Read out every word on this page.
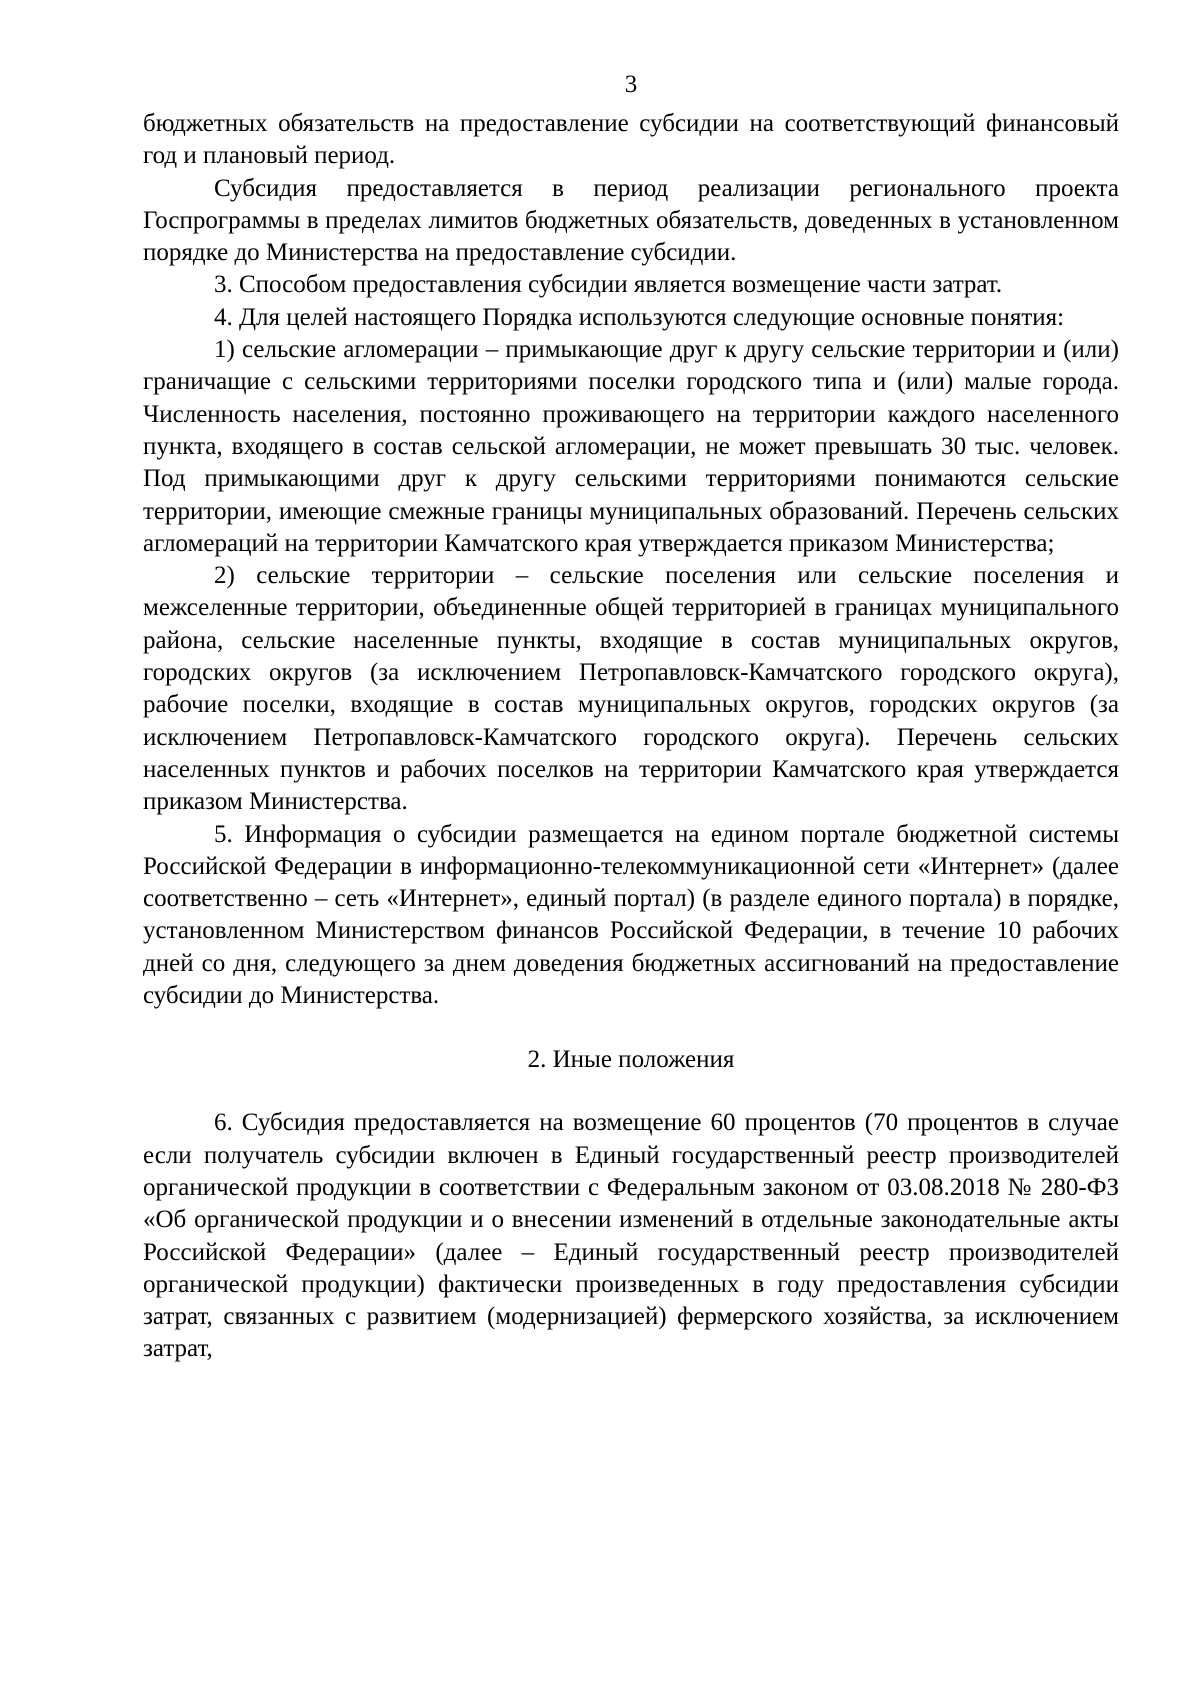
3

бюджетных обязательств на предоставление субсидии на соответствующий финансовый год и плановый период.

Субсидия предоставляется в период реализации регионального проекта Госпрограммы в пределах лимитов бюджетных обязательств, доведенных в установленном порядке до Министерства на предоставление субсидии.

3. Способом предоставления субсидии является возмещение части затрат.

4. Для целей настоящего Порядка используются следующие основные понятия:

1) сельские агломерации – примыкающие друг к другу сельские территории и (или) граничащие с сельскими территориями поселки городского типа и (или) малые города. Численность населения, постоянно проживающего на территории каждого населенного пункта, входящего в состав сельской агломерации, не может превышать 30 тыс. человек. Под примыкающими друг к другу сельскими территориями понимаются сельские территории, имеющие смежные границы муниципальных образований. Перечень сельских агломераций на территории Камчатского края утверждается приказом Министерства;

2) сельские территории – сельские поселения или сельские поселения и межселенные территории, объединенные общей территорией в границах муниципального района, сельские населенные пункты, входящие в состав муниципальных округов, городских округов (за исключением Петропавловск-Камчатского городского округа), рабочие поселки, входящие в состав муниципальных округов, городских округов (за исключением Петропавловск-Камчатского городского округа). Перечень сельских населенных пунктов и рабочих поселков на территории Камчатского края утверждается приказом Министерства.

5. Информация о субсидии размещается на едином портале бюджетной системы Российской Федерации в информационно-телекоммуникационной сети «Интернет» (далее соответственно – сеть «Интернет», единый портал) (в разделе единого портала) в порядке, установленном Министерством финансов Российской Федерации, в течение 10 рабочих дней со дня, следующего за днем доведения бюджетных ассигнований на предоставление субсидии до Министерства.

2. Иные положения

6. Субсидия предоставляется на возмещение 60 процентов (70 процентов в случае если получатель субсидии включен в Единый государственный реестр производителей органической продукции в соответствии с Федеральным законом от 03.08.2018 № 280-ФЗ «Об органической продукции и о внесении изменений в отдельные законодательные акты Российской Федерации» (далее – Единый государственный реестр производителей органической продукции) фактически произведенных в году предоставления субсидии затрат, связанных с развитием (модернизацией) фермерского хозяйства, за исключением затрат,
